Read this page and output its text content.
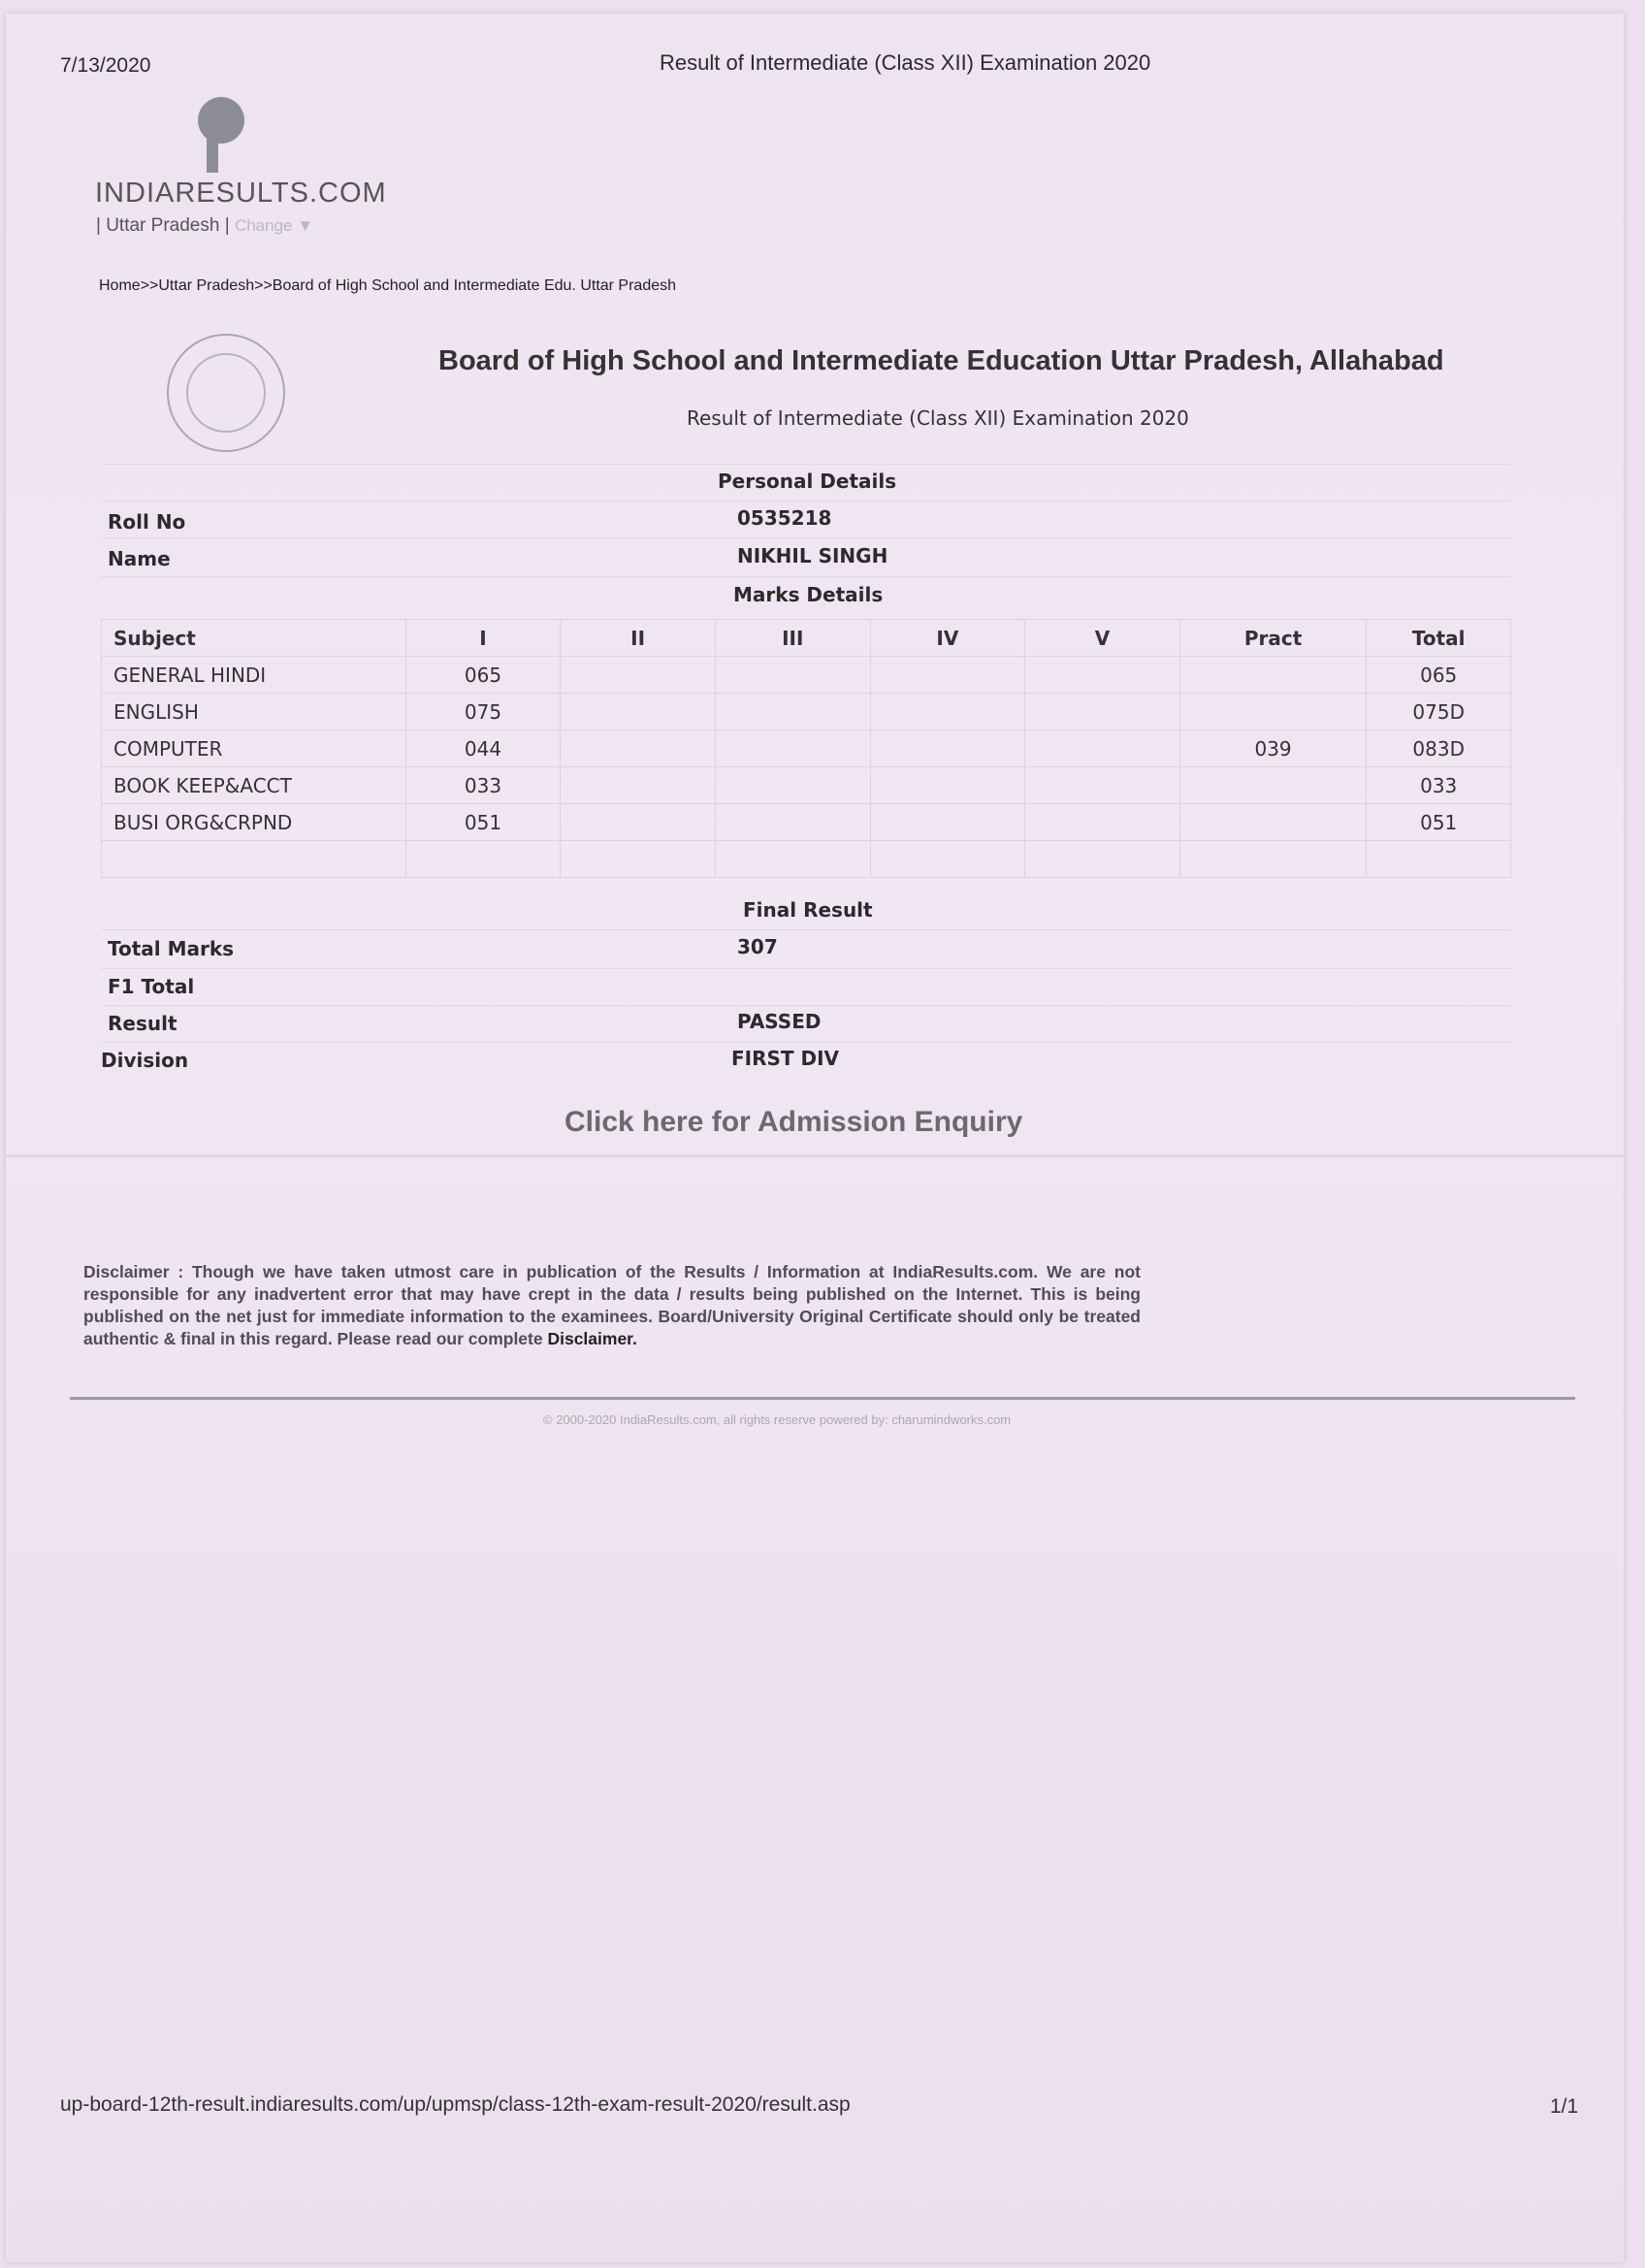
7/13/2020	Result of Intermediate (Class XII) Examination 2020
INDIARESULTS.COM
| Uttar Pradesh | Change ▼
Home>>Uttar Pradesh>>Board of High School and Intermediate Edu. Uttar Pradesh
Board of High School and Intermediate Education Uttar Pradesh, Allahabad
Result of Intermediate (Class XII) Examination 2020
Personal Details
Roll No	0535218
Name	NIKHIL SINGH
Marks Details
Subject	I	II	III	IV	V	Pract	Total
GENERAL HINDI	065						065
ENGLISH	075						075D
COMPUTER	044					039	083D
BOOK KEEP&ACCT	033						033
BUSI ORG&CRPND	051						051

Final Result
Total Marks	307
F1 Total
Result	PASSED
Division	FIRST DIV
Click here for Admission Enquiry
Disclaimer : Though we have taken utmost care in publication of the Results / Information at IndiaResults.com. We are not responsible for any inadvertent error that may have crept in the data / results being published on the Internet. This is being published on the net just for immediate information to the examinees. Board/University Original Certificate should only be treated authentic & final in this regard. Please read our complete Disclaimer.
© 2000-2020 IndiaResults.com, all rights reserve powered by: charumindworks.com
up-board-12th-result.indiaresults.com/up/upmsp/class-12th-exam-result-2020/result.asp	1/1
